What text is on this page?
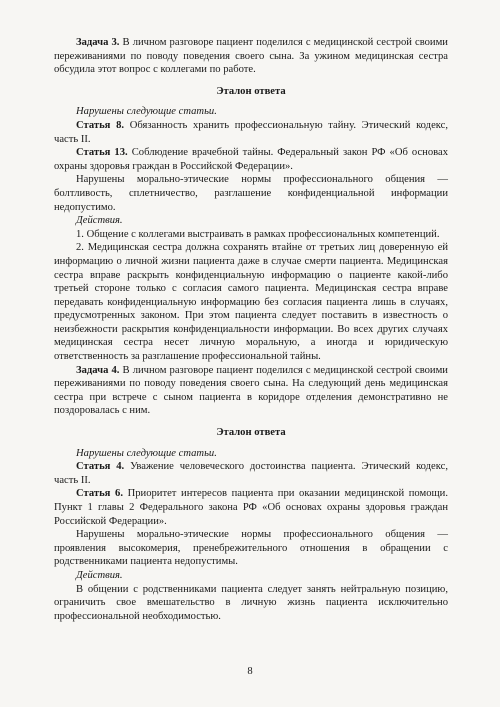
Задача 3. В личном разговоре пациент поделился с медицинской сестрой своими переживаниями по поводу поведения своего сына. За ужином медицинская сестра обсудила этот вопрос с коллегами по работе.

Эталон ответа

Нарушены следующие статьи.

Статья 8. Обязанность хранить профессиональную тайну. Этический кодекс, часть II.

Статья 13. Соблюдение врачебной тайны. Федеральный закон РФ «Об основах охраны здоровья граждан в Российской Федерации».

Нарушены морально-этические нормы профессионального общения — болтливость, сплетничество, разглашение конфиденциальной информации недопустимо.

Действия.

1. Общение с коллегами выстраивать в рамках профессиональных компетенций.

2. Медицинская сестра должна сохранять втайне от третьих лиц доверенную ей информацию о личной жизни пациента даже в случае смерти пациента. Медицинская сестра вправе раскрыть конфиденциальную информацию о пациенте какой-либо третьей стороне только с согласия самого пациента. Медицинская сестра вправе передавать конфиденциальную информацию без согласия пациента лишь в случаях, предусмотренных законом. При этом пациента следует поставить в известность о неизбежности раскрытия конфиденциальности информации. Во всех других случаях медицинская сестра несет личную моральную, а иногда и юридическую ответственность за разглашение профессиональной тайны.

Задача 4. В личном разговоре пациент поделился с медицинской сестрой своими переживаниями по поводу поведения своего сына. На следующий день медицинская сестра при встрече с сыном пациента в коридоре отделения демонстративно не поздоровалась с ним.

Эталон ответа

Нарушены следующие статьи.

Статья 4. Уважение человеческого достоинства пациента. Этический кодекс, часть II.

Статья 6. Приоритет интересов пациента при оказании медицинской помощи. Пункт 1 главы 2 Федерального закона РФ «Об основах охраны здоровья граждан Российской Федерации».

Нарушены морально-этические нормы профессионального общения — проявления высокомерия, пренебрежительного отношения в обращении с родственниками пациента недопустимы.

Действия.

В общении с родственниками пациента следует занять нейтральную позицию, ограничить свое вмешательство в личную жизнь пациента исключительно профессиональной необходимостью.

8
